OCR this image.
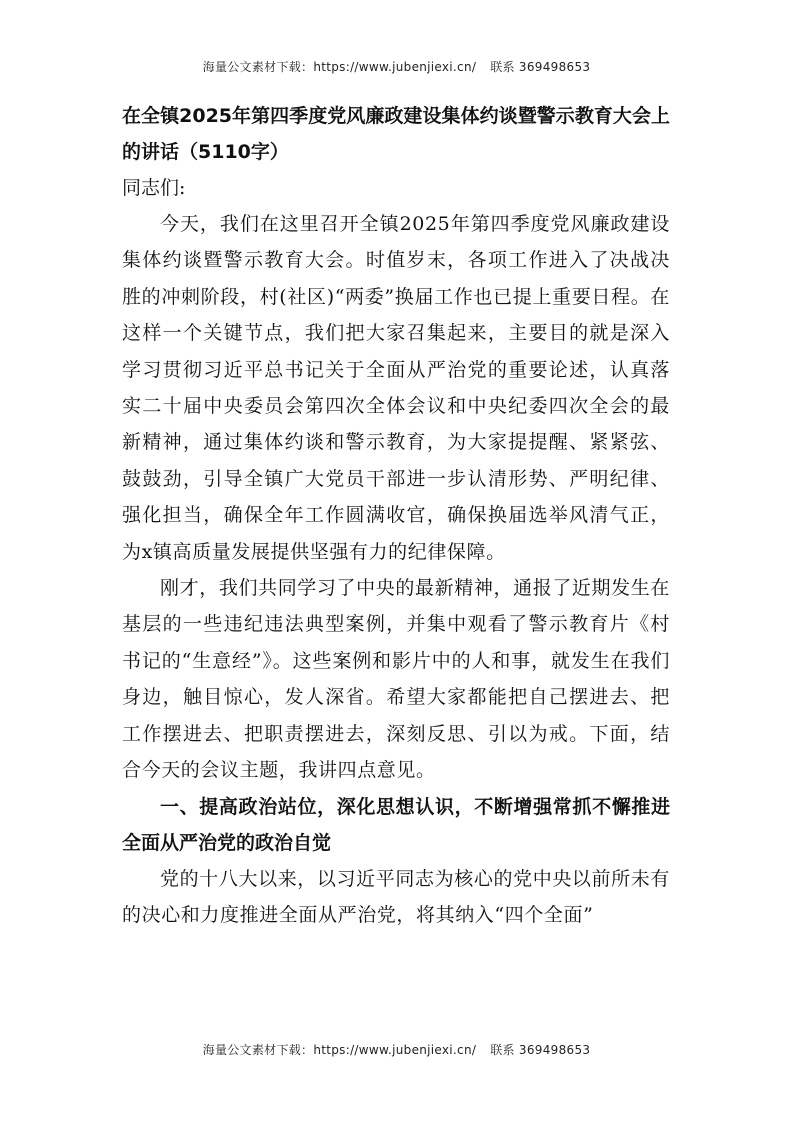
海量公文素材下载：https://www.jubenjiexi.cn/ 联系 369498653

在全镇2025年第四季度党风廉政建设集体约谈暨警示教育大会上的讲话（5110字）

同志们:

今天，我们在这里召开全镇2025年第四季度党风廉政建设集体约谈暨警示教育大会。时值岁末，各项工作进入了决战决胜的冲刺阶段，村(社区)“两委”换届工作也已提上重要日程。在这样一个关键节点，我们把大家召集起来，主要目的就是深入学习贯彻习近平总书记关于全面从严治党的重要论述，认真落实二十届中央委员会第四次全体会议和中央纪委四次全会的最新精神，通过集体约谈和警示教育，为大家提提醒、紧紧弦、鼓鼓劲，引导全镇广大党员干部进一步认清形势、严明纪律、强化担当，确保全年工作圆满收官，确保换届选举风清气正，为x镇高质量发展提供坚强有力的纪律保障。

刚才，我们共同学习了中央的最新精神，通报了近期发生在基层的一些违纪违法典型案例，并集中观看了警示教育片《村书记的“生意经”》。这些案例和影片中的人和事，就发生在我们身边，触目惊心，发人深省。希望大家都能把自己摆进去、把工作摆进去、把职责摆进去，深刻反思、引以为戒。下面，结合今天的会议主题，我讲四点意见。

一、提高政治站位，深化思想认识，不断增强常抓不懈推进全面从严治党的政治自觉

党的十八大以来，以习近平同志为核心的党中央以前所未有的决心和力度推进全面从严治党，将其纳入“四个全面”

海量公文素材下载：https://www.jubenjiexi.cn/ 联系 369498653
